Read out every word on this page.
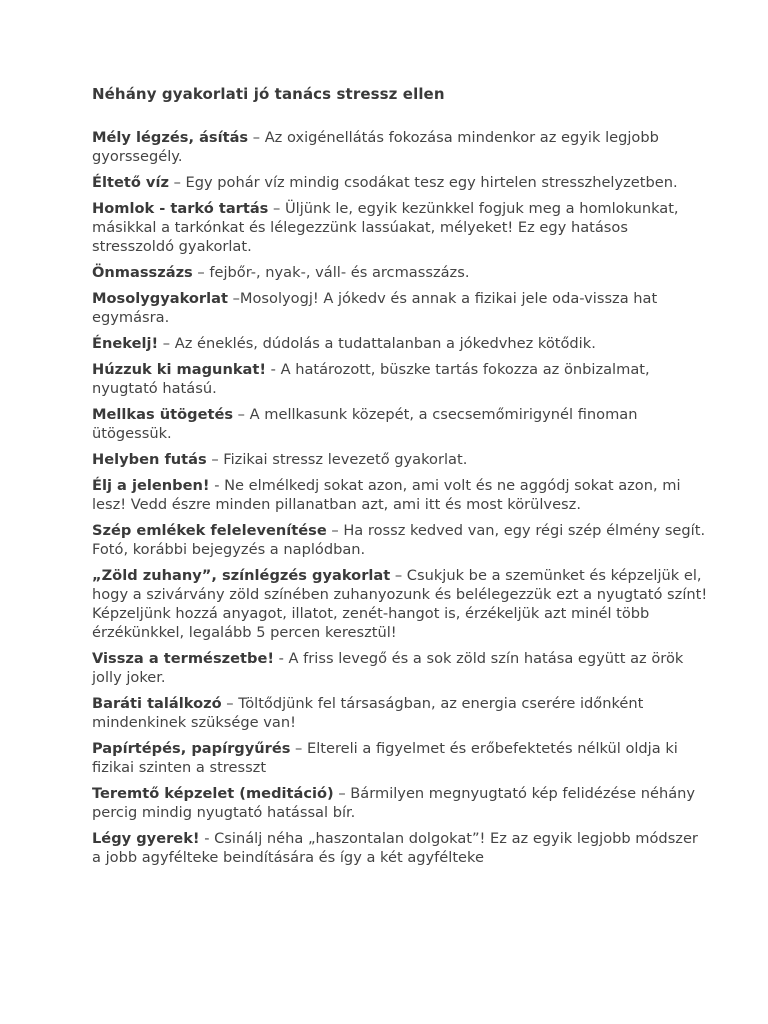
Néhány gyakorlati jó tanács stressz ellen
Mély légzés, ásítás – Az oxigénellátás fokozása mindenkor az egyik legjobb gyorssegély.
Éltető víz – Egy pohár víz mindig csodákat tesz egy hirtelen stresszhelyzetben.
Homlok - tarkó tartás – Üljünk le, egyik kezünkkel fogjuk meg a homlokunkat, másikkal a tarkónkat és lélegezzünk lassúakat, mélyeket! Ez egy hatásos stresszoldó gyakorlat.
Önmasszázs – fejbőr-, nyak-, váll- és arcmasszázs.
Mosolygyakorlat –Mosolyogj! A jókedv és annak a fizikai jele oda-vissza hat egymásra.
Énekelj! – Az éneklés, dúdolás a tudattalanban a jókedvhez kötődik.
Húzzuk ki magunkat! - A határozott, büszke tartás fokozza az önbizalmat, nyugtató hatású.
Mellkas ütögetés – A mellkasunk közepét, a csecsemőmirigynél finoman ütögessük.
Helyben futás – Fizikai stressz levezető gyakorlat.
Élj a jelenben! - Ne elmélkedj sokat azon, ami volt és ne aggódj sokat azon, mi lesz! Vedd észre minden pillanatban azt, ami itt és most körülvesz.
Szép emlékek felelevenítése – Ha rossz kedved van, egy régi szép élmény segít. Fotó, korábbi bejegyzés a naplódban.
„Zöld zuhany”, színlégzés gyakorlat – Csukjuk be a szemünket és képzeljük el, hogy a szivárvány zöld színében zuhanyozunk és belélegezzük ezt a nyugtató színt! Képzeljünk hozzá anyagot, illatot, zenét-hangot is, érzékeljük azt minél több érzékünkkel, legalább 5 percen keresztül!
Vissza a természetbe! - A friss levegő és a sok zöld szín hatása együtt az örök jolly joker.
Baráti találkozó – Töltődjünk fel társaságban, az energia cserére időnként mindenkinek szüksége van!
Papírtépés, papírgyűrés – Eltereli a figyelmet és erőbefektetés nélkül oldja ki fizikai szinten a stresszt
Teremtő képzelet (meditáció) – Bármilyen megnyugtató kép felidézése néhány percig mindig nyugtató hatással bír.
Légy gyerek! - Csinálj néha „haszontalan dolgokat”! Ez az egyik legjobb módszer a jobb agyfélteke beindítására és így a két agyfélteke
